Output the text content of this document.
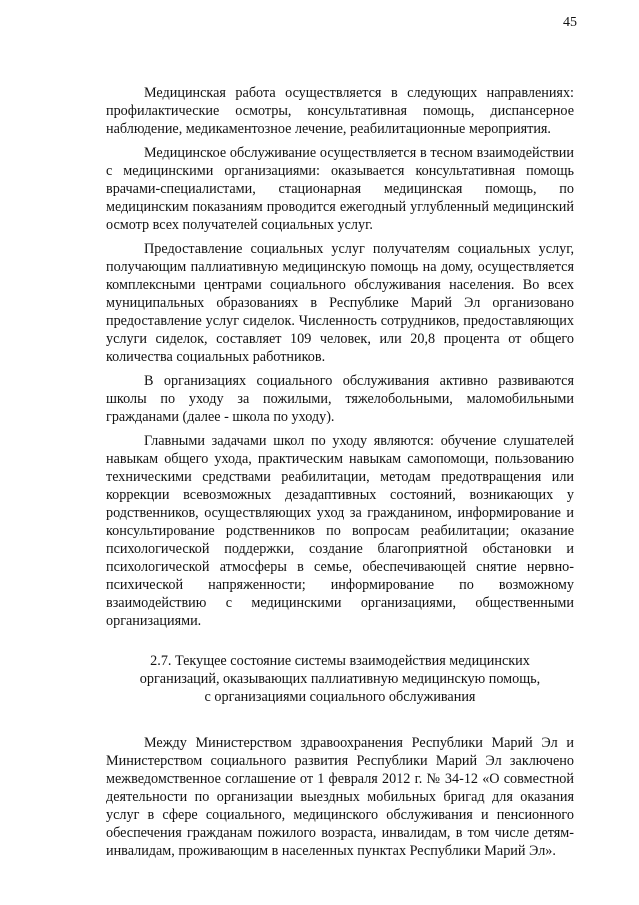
45

Медицинская работа осуществляется в следующих направлениях: профилактические осмотры, консультативная помощь, диспансерное наблюдение, медикаментозное лечение, реабилитационные мероприятия.

Медицинское обслуживание осуществляется в тесном взаимодействии с медицинскими организациями: оказывается консультативная помощь врачами-специалистами, стационарная медицинская помощь, по медицинским показаниям проводится ежегодный углубленный медицинский осмотр всех получателей социальных услуг.

Предоставление социальных услуг получателям социальных услуг, получающим паллиативную медицинскую помощь на дому, осуществляется комплексными центрами социального обслуживания населения. Во всех муниципальных образованиях в Республике Марий Эл организовано предоставление услуг сиделок. Численность сотрудников, предоставляющих услуги сиделок, составляет 109 человек, или 20,8 процента от общего количества социальных работников.

В организациях социального обслуживания активно развиваются школы по уходу за пожилыми, тяжелобольными, маломобильными гражданами (далее - школа по уходу).

Главными задачами школ по уходу являются: обучение слушателей навыкам общего ухода, практическим навыкам самопомощи, пользованию техническими средствами реабилитации, методам предотвращения или коррекции всевозможных дезадаптивных состояний, возникающих у родственников, осуществляющих уход за гражданином, информирование и консультирование родственников по вопросам реабилитации; оказание психологической поддержки, создание благоприятной обстановки и психологической атмосферы в семье, обеспечивающей снятие нервно-психической напряженности; информирование по возможному взаимодействию с медицинскими организациями, общественными организациями.

2.7. Текущее состояние системы взаимодействия медицинских
организаций, оказывающих паллиативную медицинскую помощь,
с организациями социального обслуживания

Между Министерством здравоохранения Республики Марий Эл и Министерством социального развития Республики Марий Эл заключено межведомственное соглашение от 1 февраля 2012 г. № 34-12 «О совместной деятельности по организации выездных мобильных бригад для оказания услуг в сфере социального, медицинского обслуживания и пенсионного обеспечения гражданам пожилого возраста, инвалидам, в том числе детям-инвалидам, проживающим в населенных пунктах Республики Марий Эл».
